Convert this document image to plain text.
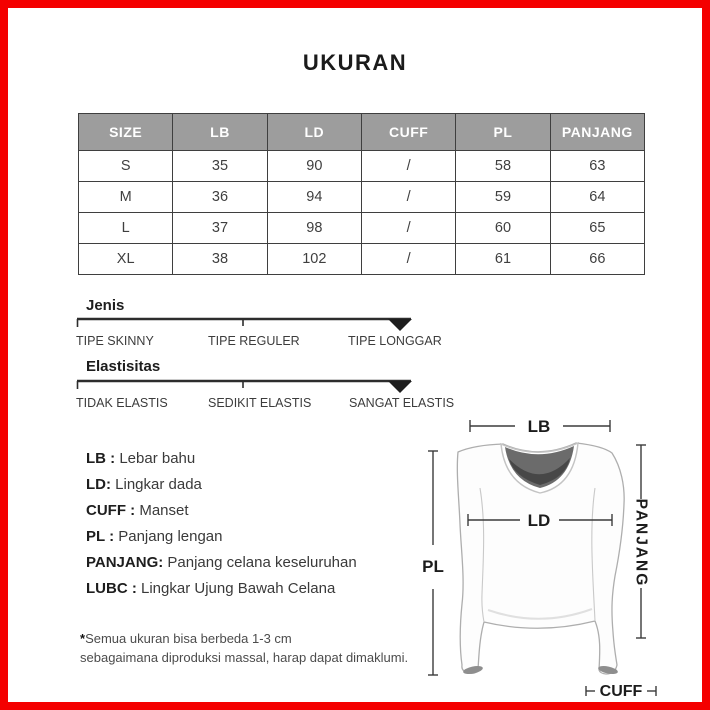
UKURAN
SIZE	LB	LD	CUFF	PL	PANJANG
S	35	90	/	58	63
M	36	94	/	59	64
L	37	98	/	60	65
XL	38	102	/	61	66
Jenis
TIPE SKINNY	TIPE REGULER	TIPE LONGGAR
Elastisitas
TIDAK ELASTIS	SEDIKIT ELASTIS	SANGAT ELASTIS
LB : Lebar bahu
LD: Lingkar dada
CUFF : Manset
PL : Panjang lengan
PANJANG: Panjang celana keseluruhan
LUBC : Lingkar Ujung Bawah Celana

*Semua ukuran bisa berbeda 1-3 cm
sebagaimana diproduksi massal, harap dapat dimaklumi.

LB
LD
PL	PANJANG
CUFF
